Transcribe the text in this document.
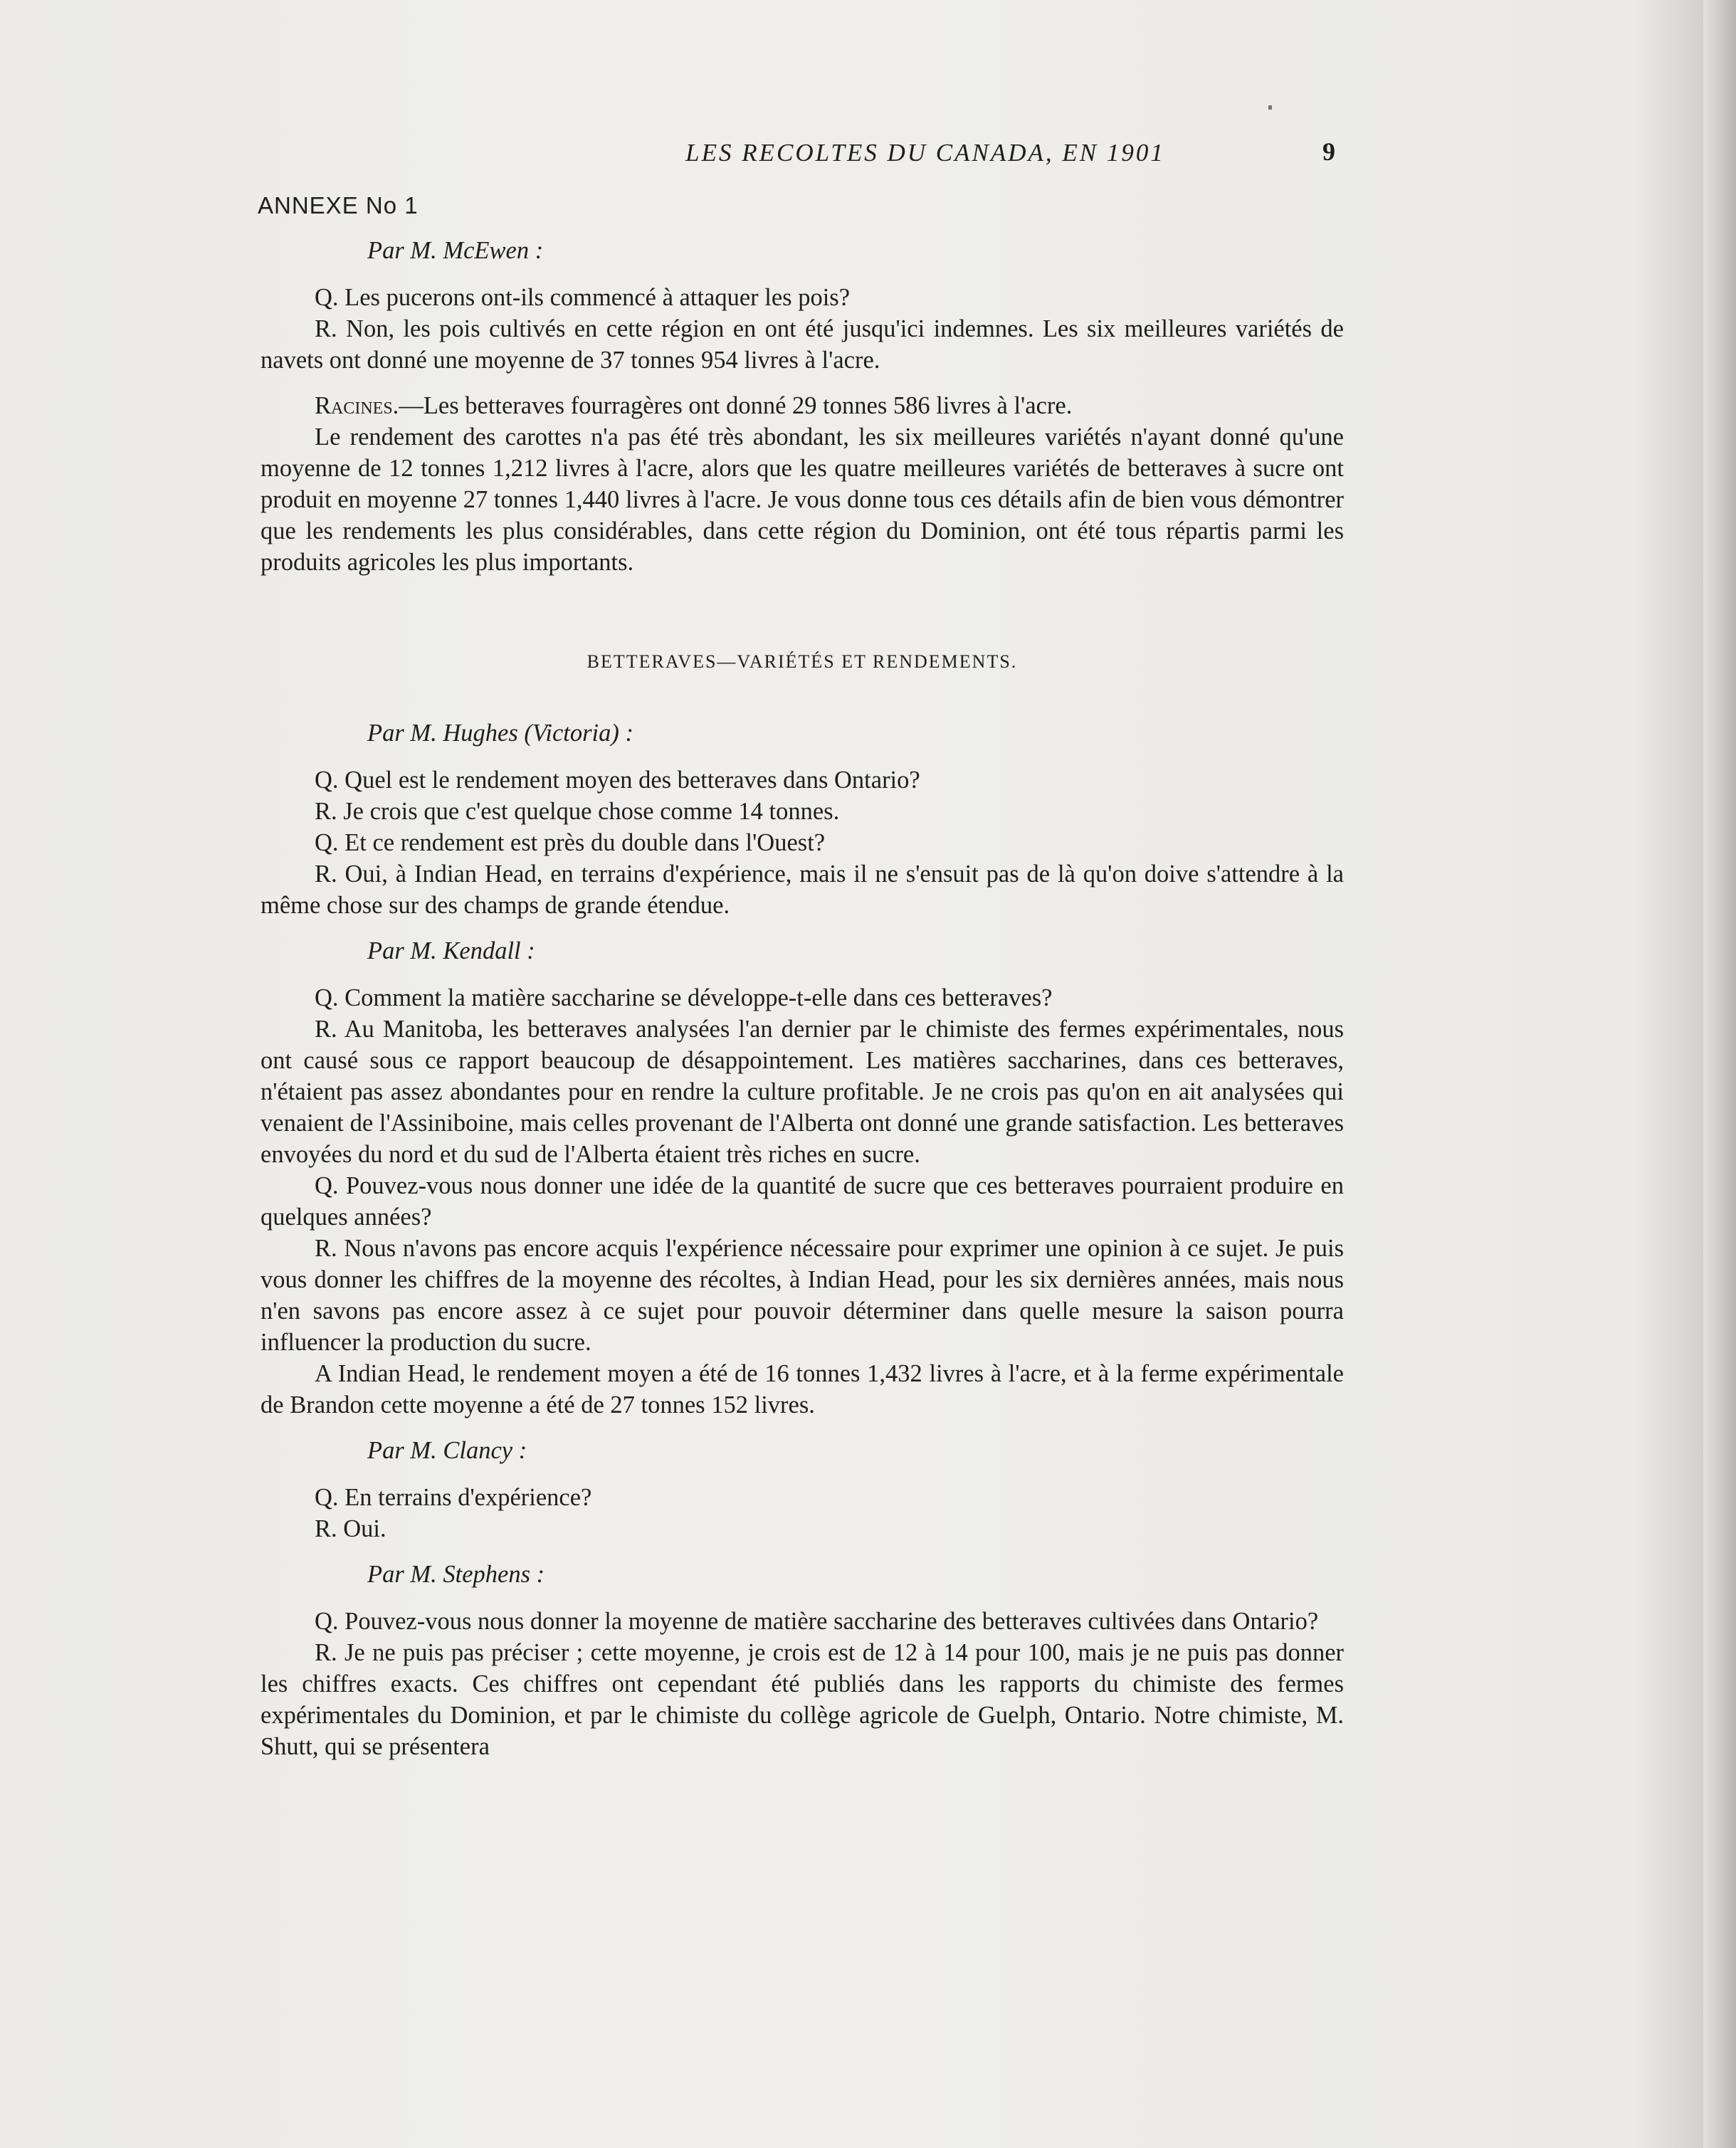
LES RECOLTES DU CANADA, EN 1901	9
ANNEXE No 1
Par M. McEwen :

Q. Les pucerons ont-ils commencé à attaquer les pois?

R. Non, les pois cultivés en cette région en ont été jusqu'ici indemnes. Les six meilleures variétés de navets ont donné une moyenne de 37 tonnes 954 livres à l'acre.

Racines.—Les betteraves fourragères ont donné 29 tonnes 586 livres à l'acre.

Le rendement des carottes n'a pas été très abondant, les six meilleures variétés n'ayant donné qu'une moyenne de 12 tonnes 1,212 livres à l'acre, alors que les quatre meilleures variétés de betteraves à sucre ont produit en moyenne 27 tonnes 1,440 livres à l'acre. Je vous donne tous ces détails afin de bien vous démontrer que les rendements les plus considérables, dans cette région du Dominion, ont été tous répartis parmi les produits agricoles les plus importants.

BETTERAVES—VARIÉTÉS ET RENDEMENTS.
Par M. Hughes (Victoria) :

Q. Quel est le rendement moyen des betteraves dans Ontario?

R. Je crois que c'est quelque chose comme 14 tonnes.

Q. Et ce rendement est près du double dans l'Ouest?

R. Oui, à Indian Head, en terrains d'expérience, mais il ne s'ensuit pas de là qu'on doive s'attendre à la même chose sur des champs de grande étendue.

Par M. Kendall :

Q. Comment la matière saccharine se développe-t-elle dans ces betteraves?

R. Au Manitoba, les betteraves analysées l'an dernier par le chimiste des fermes expérimentales, nous ont causé sous ce rapport beaucoup de désappointement. Les matières saccharines, dans ces betteraves, n'étaient pas assez abondantes pour en rendre la culture profitable. Je ne crois pas qu'on en ait analysées qui venaient de l'Assiniboine, mais celles provenant de l'Alberta ont donné une grande satisfaction. Les betteraves envoyées du nord et du sud de l'Alberta étaient très riches en sucre.

Q. Pouvez-vous nous donner une idée de la quantité de sucre que ces betteraves pourraient produire en quelques années?

R. Nous n'avons pas encore acquis l'expérience nécessaire pour exprimer une opinion à ce sujet. Je puis vous donner les chiffres de la moyenne des récoltes, à Indian Head, pour les six dernières années, mais nous n'en savons pas encore assez à ce sujet pour pouvoir déterminer dans quelle mesure la saison pourra influencer la production du sucre.

A Indian Head, le rendement moyen a été de 16 tonnes 1,432 livres à l'acre, et à la ferme expérimentale de Brandon cette moyenne a été de 27 tonnes 152 livres.

Par M. Clancy :

Q. En terrains d'expérience?

R. Oui.

Par M. Stephens :

Q. Pouvez-vous nous donner la moyenne de matière saccharine des betteraves cultivées dans Ontario?

R. Je ne puis pas préciser ; cette moyenne, je crois est de 12 à 14 pour 100, mais je ne puis pas donner les chiffres exacts. Ces chiffres ont cependant été publiés dans les rapports du chimiste des fermes expérimentales du Dominion, et par le chimiste du collège agricole de Guelph, Ontario. Notre chimiste, M. Shutt, qui se présentera
